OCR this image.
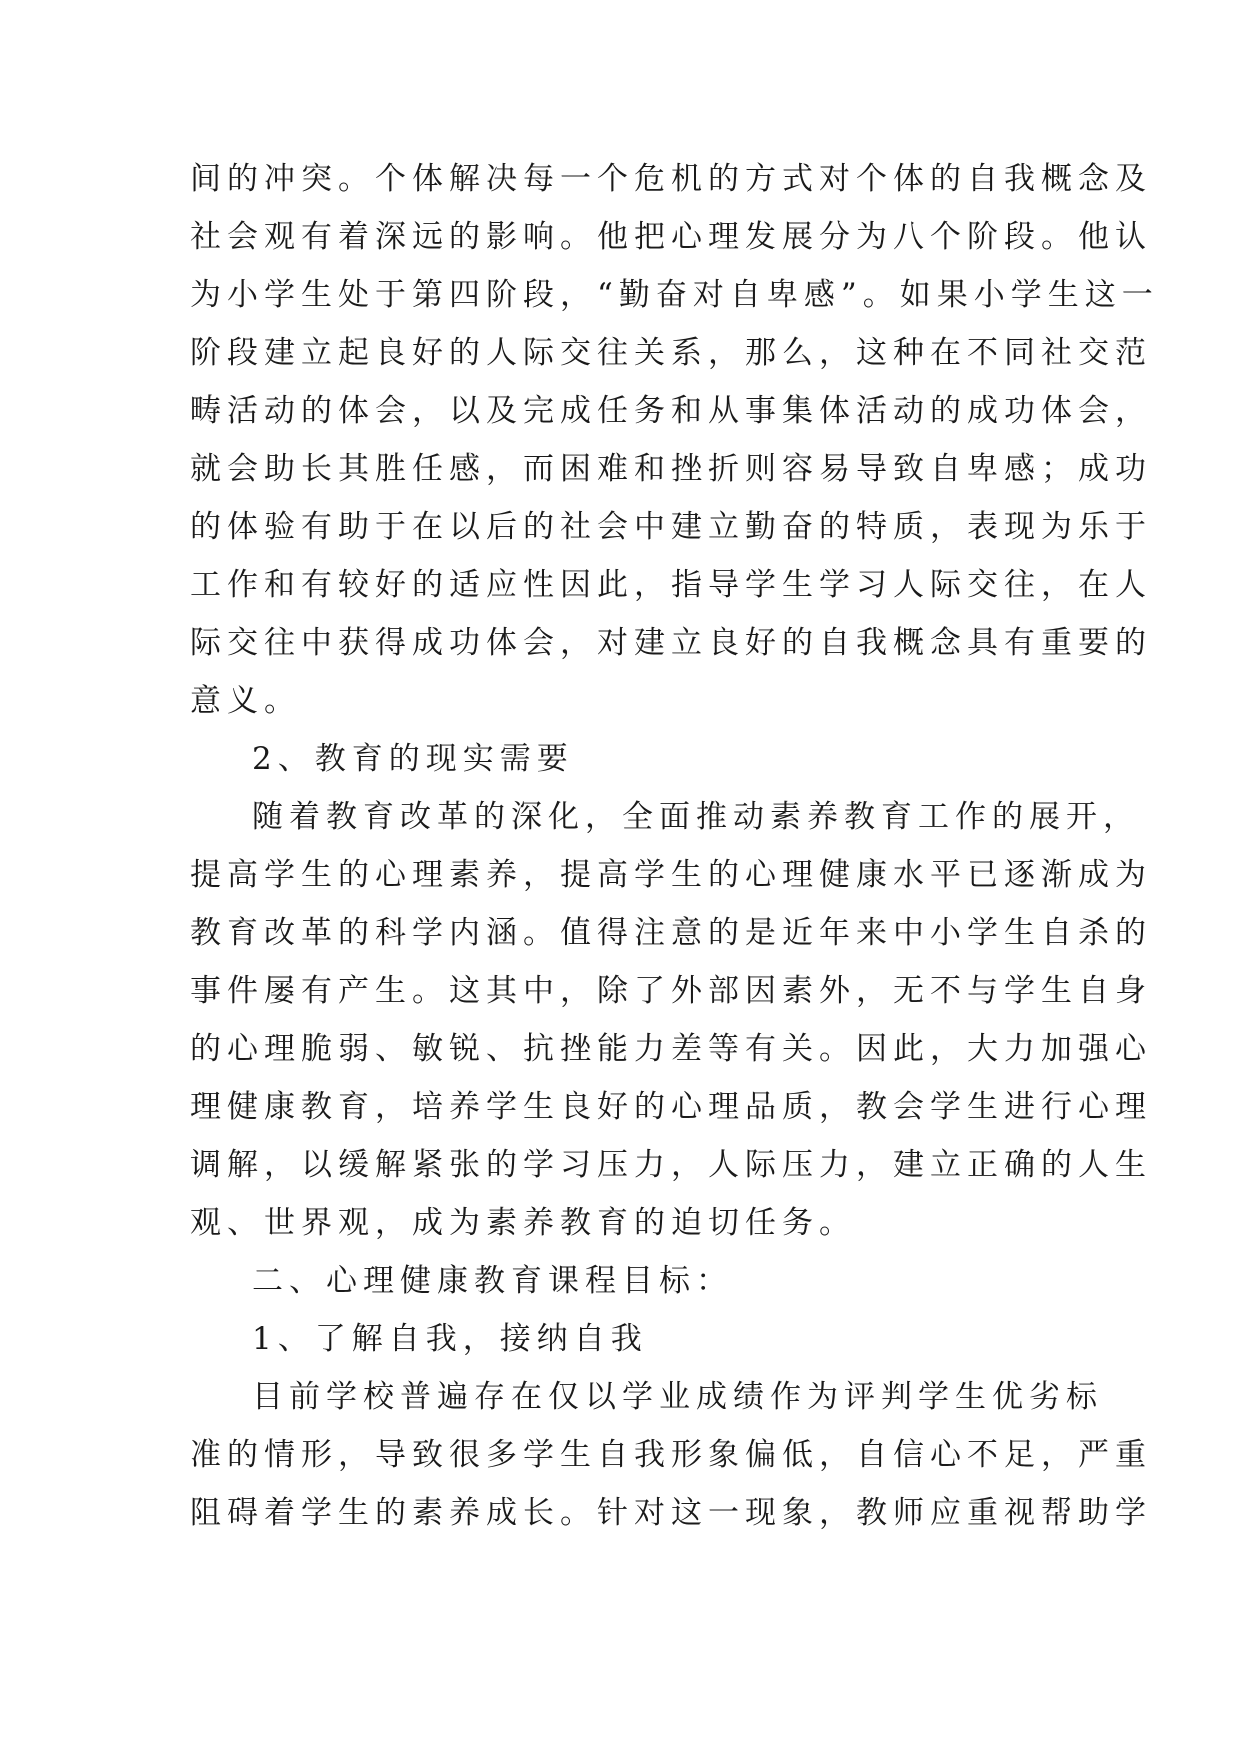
间的冲突。个体解决每一个危机的方式对个体的自我概念及
社会观有着深远的影响。他把心理发展分为八个阶段。他认
为小学生处于第四阶段，“勤奋对自卑感”。如果小学生这一
阶段建立起良好的人际交往关系，那么，这种在不同社交范
畴活动的体会，以及完成任务和从事集体活动的成功体会，
就会助长其胜任感，而困难和挫折则容易导致自卑感；成功
的体验有助于在以后的社会中建立勤奋的特质，表现为乐于
工作和有较好的适应性因此，指导学生学习人际交往，在人
际交往中获得成功体会，对建立良好的自我概念具有重要的
意义。
2、教育的现实需要
随着教育改革的深化，全面推动素养教育工作的展开，
提高学生的心理素养，提高学生的心理健康水平已逐渐成为
教育改革的科学内涵。值得注意的是近年来中小学生自杀的
事件屡有产生。这其中，除了外部因素外，无不与学生自身
的心理脆弱、敏锐、抗挫能力差等有关。因此，大力加强心
理健康教育，培养学生良好的心理品质，教会学生进行心理
调解，以缓解紧张的学习压力，人际压力，建立正确的人生
观、世界观，成为素养教育的迫切任务。
二、心理健康教育课程目标：
1、了解自我，接纳自我
目前学校普遍存在仅以学业成绩作为评判学生优劣标
准的情形，导致很多学生自我形象偏低，自信心不足，严重
阻碍着学生的素养成长。针对这一现象，教师应重视帮助学
